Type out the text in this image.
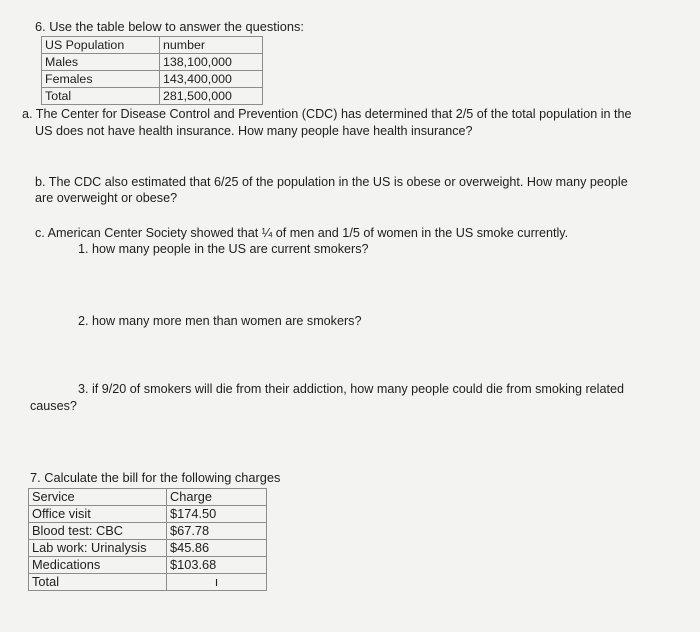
6. Use the table below to answer the questions:
US Population	number
Males	138,100,000
Females	143,400,000
Total	281,500,000
a. The Center for Disease Control and Prevention (CDC) has determined that 2/5 of the total population in the
US does not have health insurance. How many people have health insurance?
b. The CDC also estimated that 6/25 of the population in the US is obese or overweight. How many people
are overweight or obese?
c. American Center Society showed that ¼ of men and 1/5 of women in the US smoke currently.
1. how many people in the US are current smokers?
2. how many more men than women are smokers?
3. if 9/20 of smokers will die from their addiction, how many people could die from smoking related
causes?
7. Calculate the bill for the following charges
Service	Charge
Office visit	$174.50
Blood test: CBC	$67.78
Lab work: Urinalysis	$45.86
Medications	$103.68
Total	ı
